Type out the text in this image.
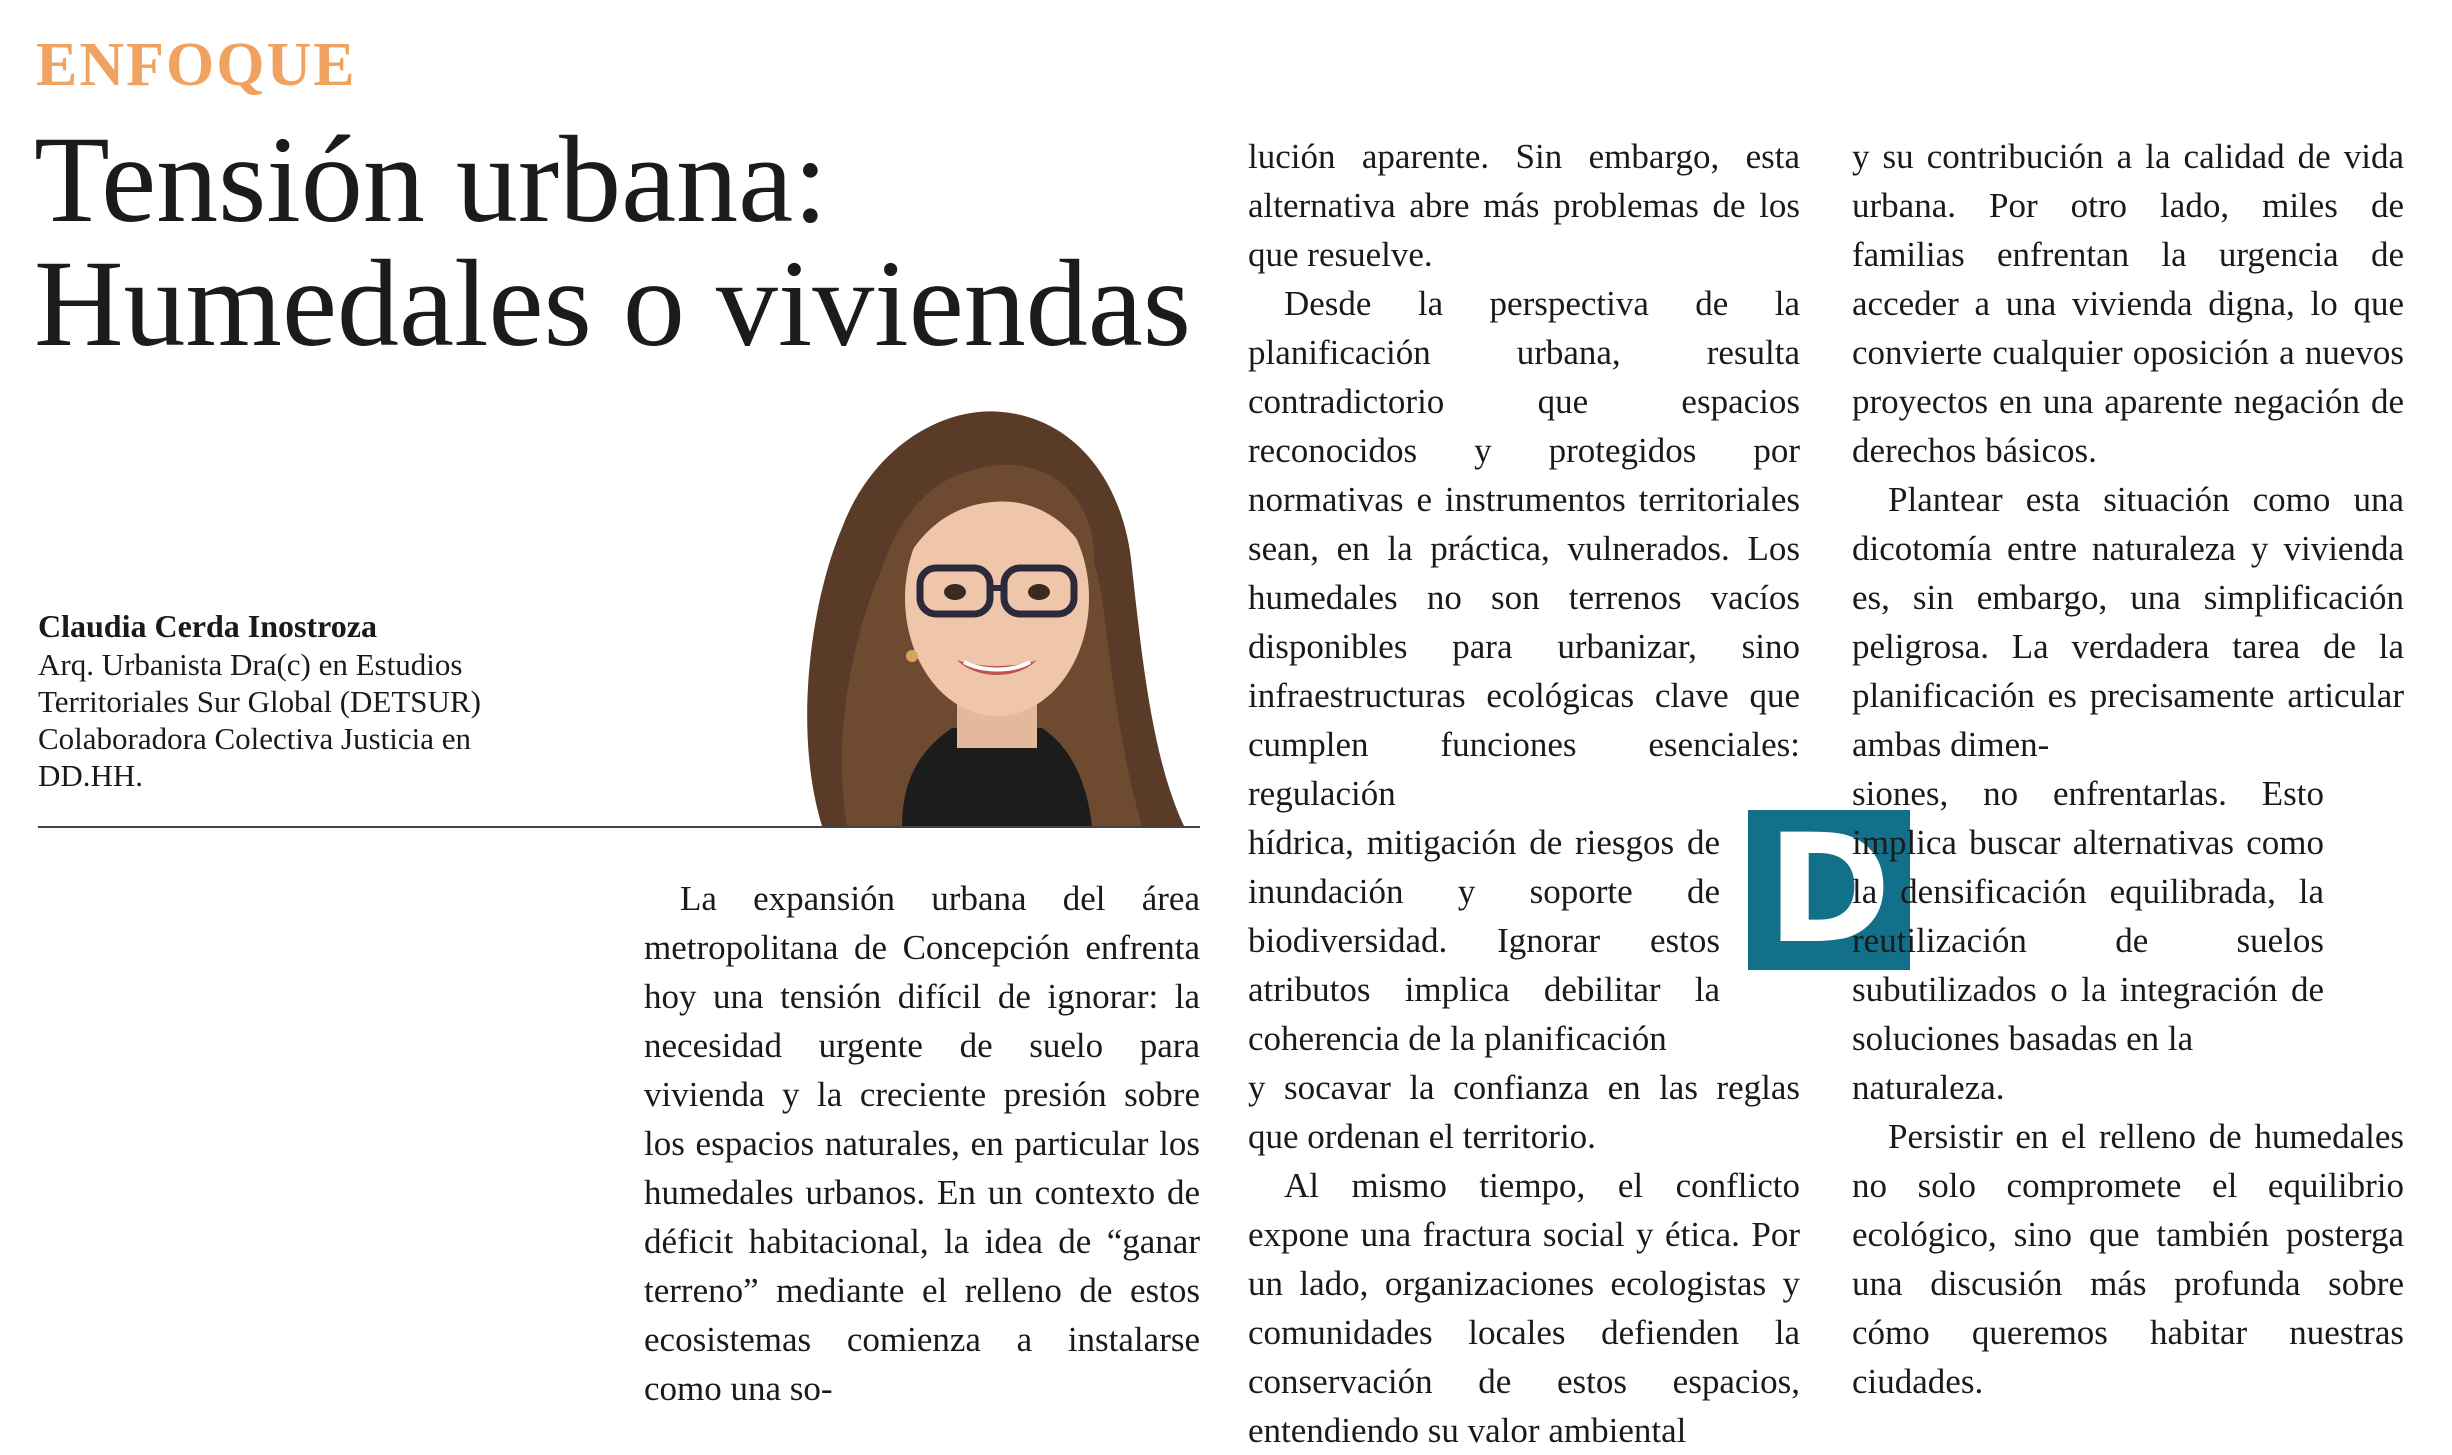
ENFOQUE
Tensión urbana:
Humedales o viviendas
Claudia Cerda Inostroza
Arq. Urbanista Dra(c) en Estudios
Territoriales Sur Global (DETSUR)
Colaboradora Colectiva Justicia en
DD.HH.

La expansión urbana del área metropolitana de Concepción enfrenta hoy una tensión difícil de ignorar: la necesidad urgente de suelo para vivienda y la creciente presión sobre los espacios naturales, en particular los humedales urbanos. En un contexto de déficit habitacional, la idea de “ganar terreno” mediante el relleno de estos ecosistemas comienza a instalarse como una so-

lución aparente. Sin embargo, esta alternativa abre más problemas de los que resuelve.

Desde la perspectiva de la planificación urbana, resulta contradictorio que espacios reconocidos y protegidos por normativas e instrumentos territoriales sean, en la práctica, vulnerados. Los humedales no son terrenos vacíos disponibles para urbanizar, sino infraestructuras ecológicas clave que cumplen funciones esenciales: regulación

hídrica, mitigación de riesgos de inundación y soporte de biodiversidad. Ignorar estos atributos implica debilitar la coherencia de la planificación

y socavar la confianza en las reglas que ordenan el territorio.

Al mismo tiempo, el conflicto expone una fractura social y ética. Por un lado, organizaciones ecologistas y comunidades locales defienden la conservación de estos espacios, entendiendo su valor ambiental

D

y su contribución a la calidad de vida urbana. Por otro lado, miles de familias enfrentan la urgencia de acceder a una vivienda digna, lo que convierte cualquier oposición a nuevos proyectos en una aparente negación de derechos básicos.

Plantear esta situación como una dicotomía entre naturaleza y vivienda es, sin embargo, una simplificación peligrosa. La verdadera tarea de la planificación es precisamente articular ambas dimen-

siones, no enfrentarlas. Esto implica buscar alternativas como la densificación equilibrada, la reutilización de suelos subutilizados o la integración de soluciones basadas en la

naturaleza.

Persistir en el relleno de humedales no solo compromete el equilibrio ecológico, sino que también posterga una discusión más profunda sobre cómo queremos habitar nuestras ciudades.
